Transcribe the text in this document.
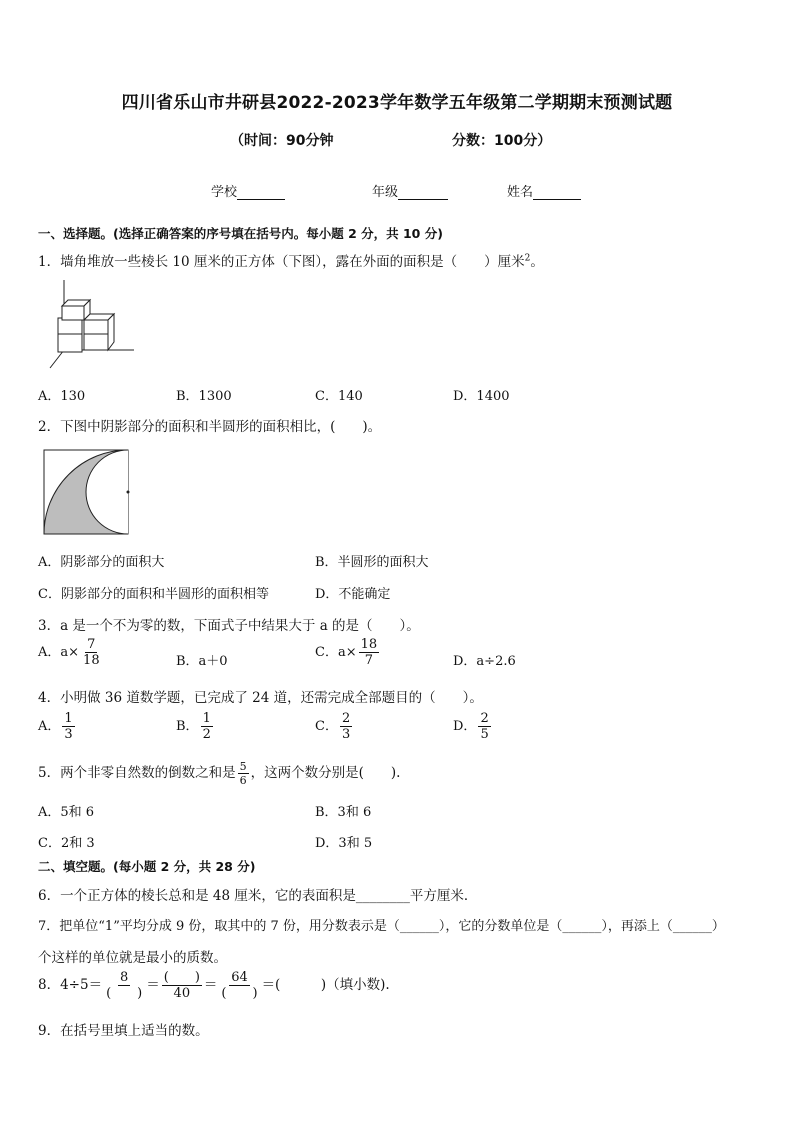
四川省乐山市井研县2022-2023学年数学五年级第二学期期末预测试题
（时间：90分钟	分数：100分）
学校	年级	姓名
一、选择题。(选择正确答案的序号填在括号内。每小题 2 分，共 10 分)
1．墙角堆放一些棱长 10 厘米的正方体（下图），露在外面的面积是（　　）厘米$^2$。
A．130	B．1300	C．140	D．1400
2．下图中阴影部分的面积和半圆形的面积相比，(　　)。
A．阴影部分的面积大	B．半圆形的面积大
C．阴影部分的面积和半圆形的面积相等	D．不能确定
3．a 是一个不为零的数，下面式子中结果大于 a 的是（　　）。
A．$a\times \frac{7}{18}$	B．a＋0
C．$a\times \frac{18}{7}$	D．a÷2.6
4．小明做 36 道数学题，已完成了 24 道，还需完成全部题目的（　　）。
A． $\frac{1}{3}$	B． $\frac{1}{2}$	C． $\frac{2}{3}$	D． $\frac{2}{5}$
5．两个非零自然数的倒数之和是 $\frac{5}{6}$ ，这两个数分别是(　　).
A．5和 6	B．3和 6
C．2和 3	D．3和 5
二、填空题。(每小题 2 分，共 28 分)
6．一个正方体的棱长总和是 48 厘米，它的表面积是________平方厘米．
7．把单位“1”平均分成 9 份，取其中的 7 份，用分数表示是（______），它的分数单位是（______），再添上（______）
个这样的单位就是最小的质数。
8．$4\div 5= \frac{8}{( )} = \frac{( )}{40} = \frac{64}{( )}$ ＝(　　　)（填小数).
9．在括号里填上适当的数。
